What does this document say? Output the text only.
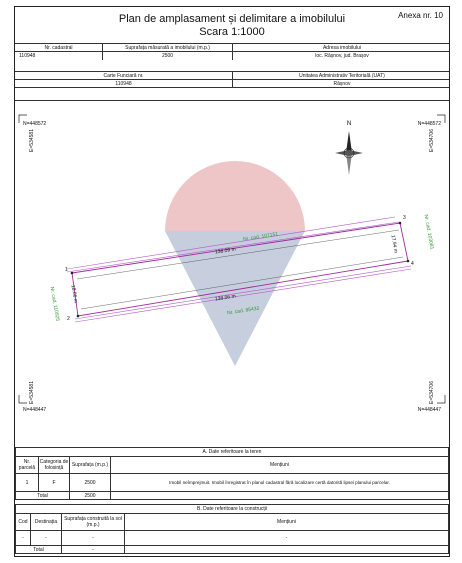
Anexa nr. 10
Plan de amplasament și delimitare a imobilului
Scara 1:1000
Nr. cadastral	Suprafața măsurată a imobilului (m.p.)	Adresa imobilului
110948	2500	loc. Râșnov, jud. Brașov
Carte Funciară nr.	Unitatea Administrativ Teritorială (UAT)
110948	Râșnov
N
N=448572	N=448572
N=448447	N=448447
E=534581
E=534581
E=534706
E=534706
1
2
3
4
138.09 m
138.06 m
18.06 m
17.94 m
Nr. cad. 107151
Nr. cad. 85432
Nr. cad. 110925
Nr. cad. 103081
A. Date referitoare la teren			
Nr. parcelă	Categoria de folosință	Suprafața (m.p.)	Mențiuni
1	F	2500	Imobil neîmprejmuit. Imobil înregistrat în planul cadastral fără localizare certă datorită lipsei planului parcelar.
Total		2500	
B. Date referitoare la construcții			
Cod	Destinația	Suprafața construită la sol (m.p.)	Mențiuni
-	-	-	-
Total		-	
